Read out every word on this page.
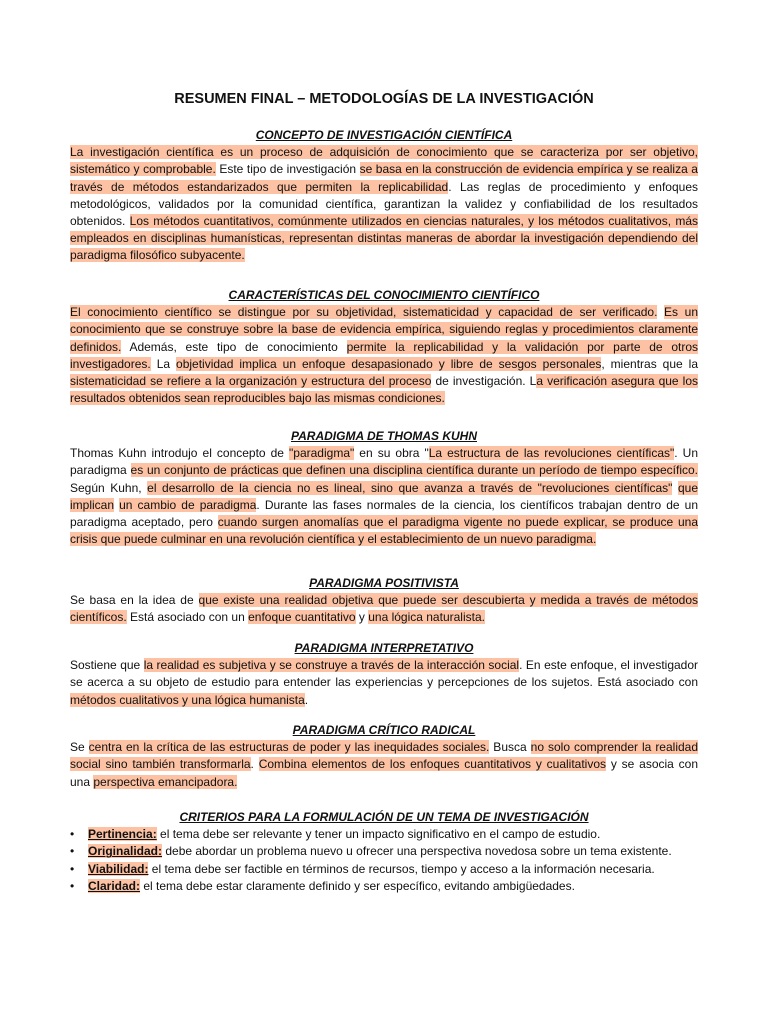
RESUMEN FINAL – METODOLOGÍAS DE LA INVESTIGACIÓN
CONCEPTO DE INVESTIGACIÓN CIENTÍFICA

La investigación científica es un proceso de adquisición de conocimiento que se caracteriza por ser objetivo, sistemático y comprobable. Este tipo de investigación se basa en la construcción de evidencia empírica y se realiza a través de métodos estandarizados que permiten la replicabilidad. Las reglas de procedimiento y enfoques metodológicos, validados por la comunidad científica, garantizan la validez y confiabilidad de los resultados obtenidos. Los métodos cuantitativos, comúnmente utilizados en ciencias naturales, y los métodos cualitativos, más empleados en disciplinas humanísticas, representan distintas maneras de abordar la investigación dependiendo del paradigma filosófico subyacente.

CARACTERÍSTICAS DEL CONOCIMIENTO CIENTÍFICO

El conocimiento científico se distingue por su objetividad, sistematicidad y capacidad de ser verificado. Es un conocimiento que se construye sobre la base de evidencia empírica, siguiendo reglas y procedimientos claramente definidos. Además, este tipo de conocimiento permite la replicabilidad y la validación por parte de otros investigadores. La objetividad implica un enfoque desapasionado y libre de sesgos personales, mientras que la sistematicidad se refiere a la organización y estructura del proceso de investigación. La verificación asegura que los resultados obtenidos sean reproducibles bajo las mismas condiciones.

PARADIGMA DE THOMAS KUHN

Thomas Kuhn introdujo el concepto de "paradigma" en su obra "La estructura de las revoluciones científicas". Un paradigma es un conjunto de prácticas que definen una disciplina científica durante un período de tiempo específico. Según Kuhn, el desarrollo de la ciencia no es lineal, sino que avanza a través de "revoluciones científicas" que implican un cambio de paradigma. Durante las fases normales de la ciencia, los científicos trabajan dentro de un paradigma aceptado, pero cuando surgen anomalías que el paradigma vigente no puede explicar, se produce una crisis que puede culminar en una revolución científica y el establecimiento de un nuevo paradigma.

PARADIGMA POSITIVISTA

Se basa en la idea de que existe una realidad objetiva que puede ser descubierta y medida a través de métodos científicos. Está asociado con un enfoque cuantitativo y una lógica naturalista.

PARADIGMA INTERPRETATIVO

Sostiene que la realidad es subjetiva y se construye a través de la interacción social. En este enfoque, el investigador se acerca a su objeto de estudio para entender las experiencias y percepciones de los sujetos. Está asociado con métodos cualitativos y una lógica humanista.

PARADIGMA CRÍTICO RADICAL

Se centra en la crítica de las estructuras de poder y las inequidades sociales. Busca no solo comprender la realidad social sino también transformarla. Combina elementos de los enfoques cuantitativos y cualitativos y se asocia con una perspectiva emancipadora.

CRITERIOS PARA LA FORMULACIÓN DE UN TEMA DE INVESTIGACIÓN
• Pertinencia: el tema debe ser relevante y tener un impacto significativo en el campo de estudio.
• Originalidad: debe abordar un problema nuevo u ofrecer una perspectiva novedosa sobre un tema existente.
• Viabilidad: el tema debe ser factible en términos de recursos, tiempo y acceso a la información necesaria.
• Claridad: el tema debe estar claramente definido y ser específico, evitando ambigüedades.
